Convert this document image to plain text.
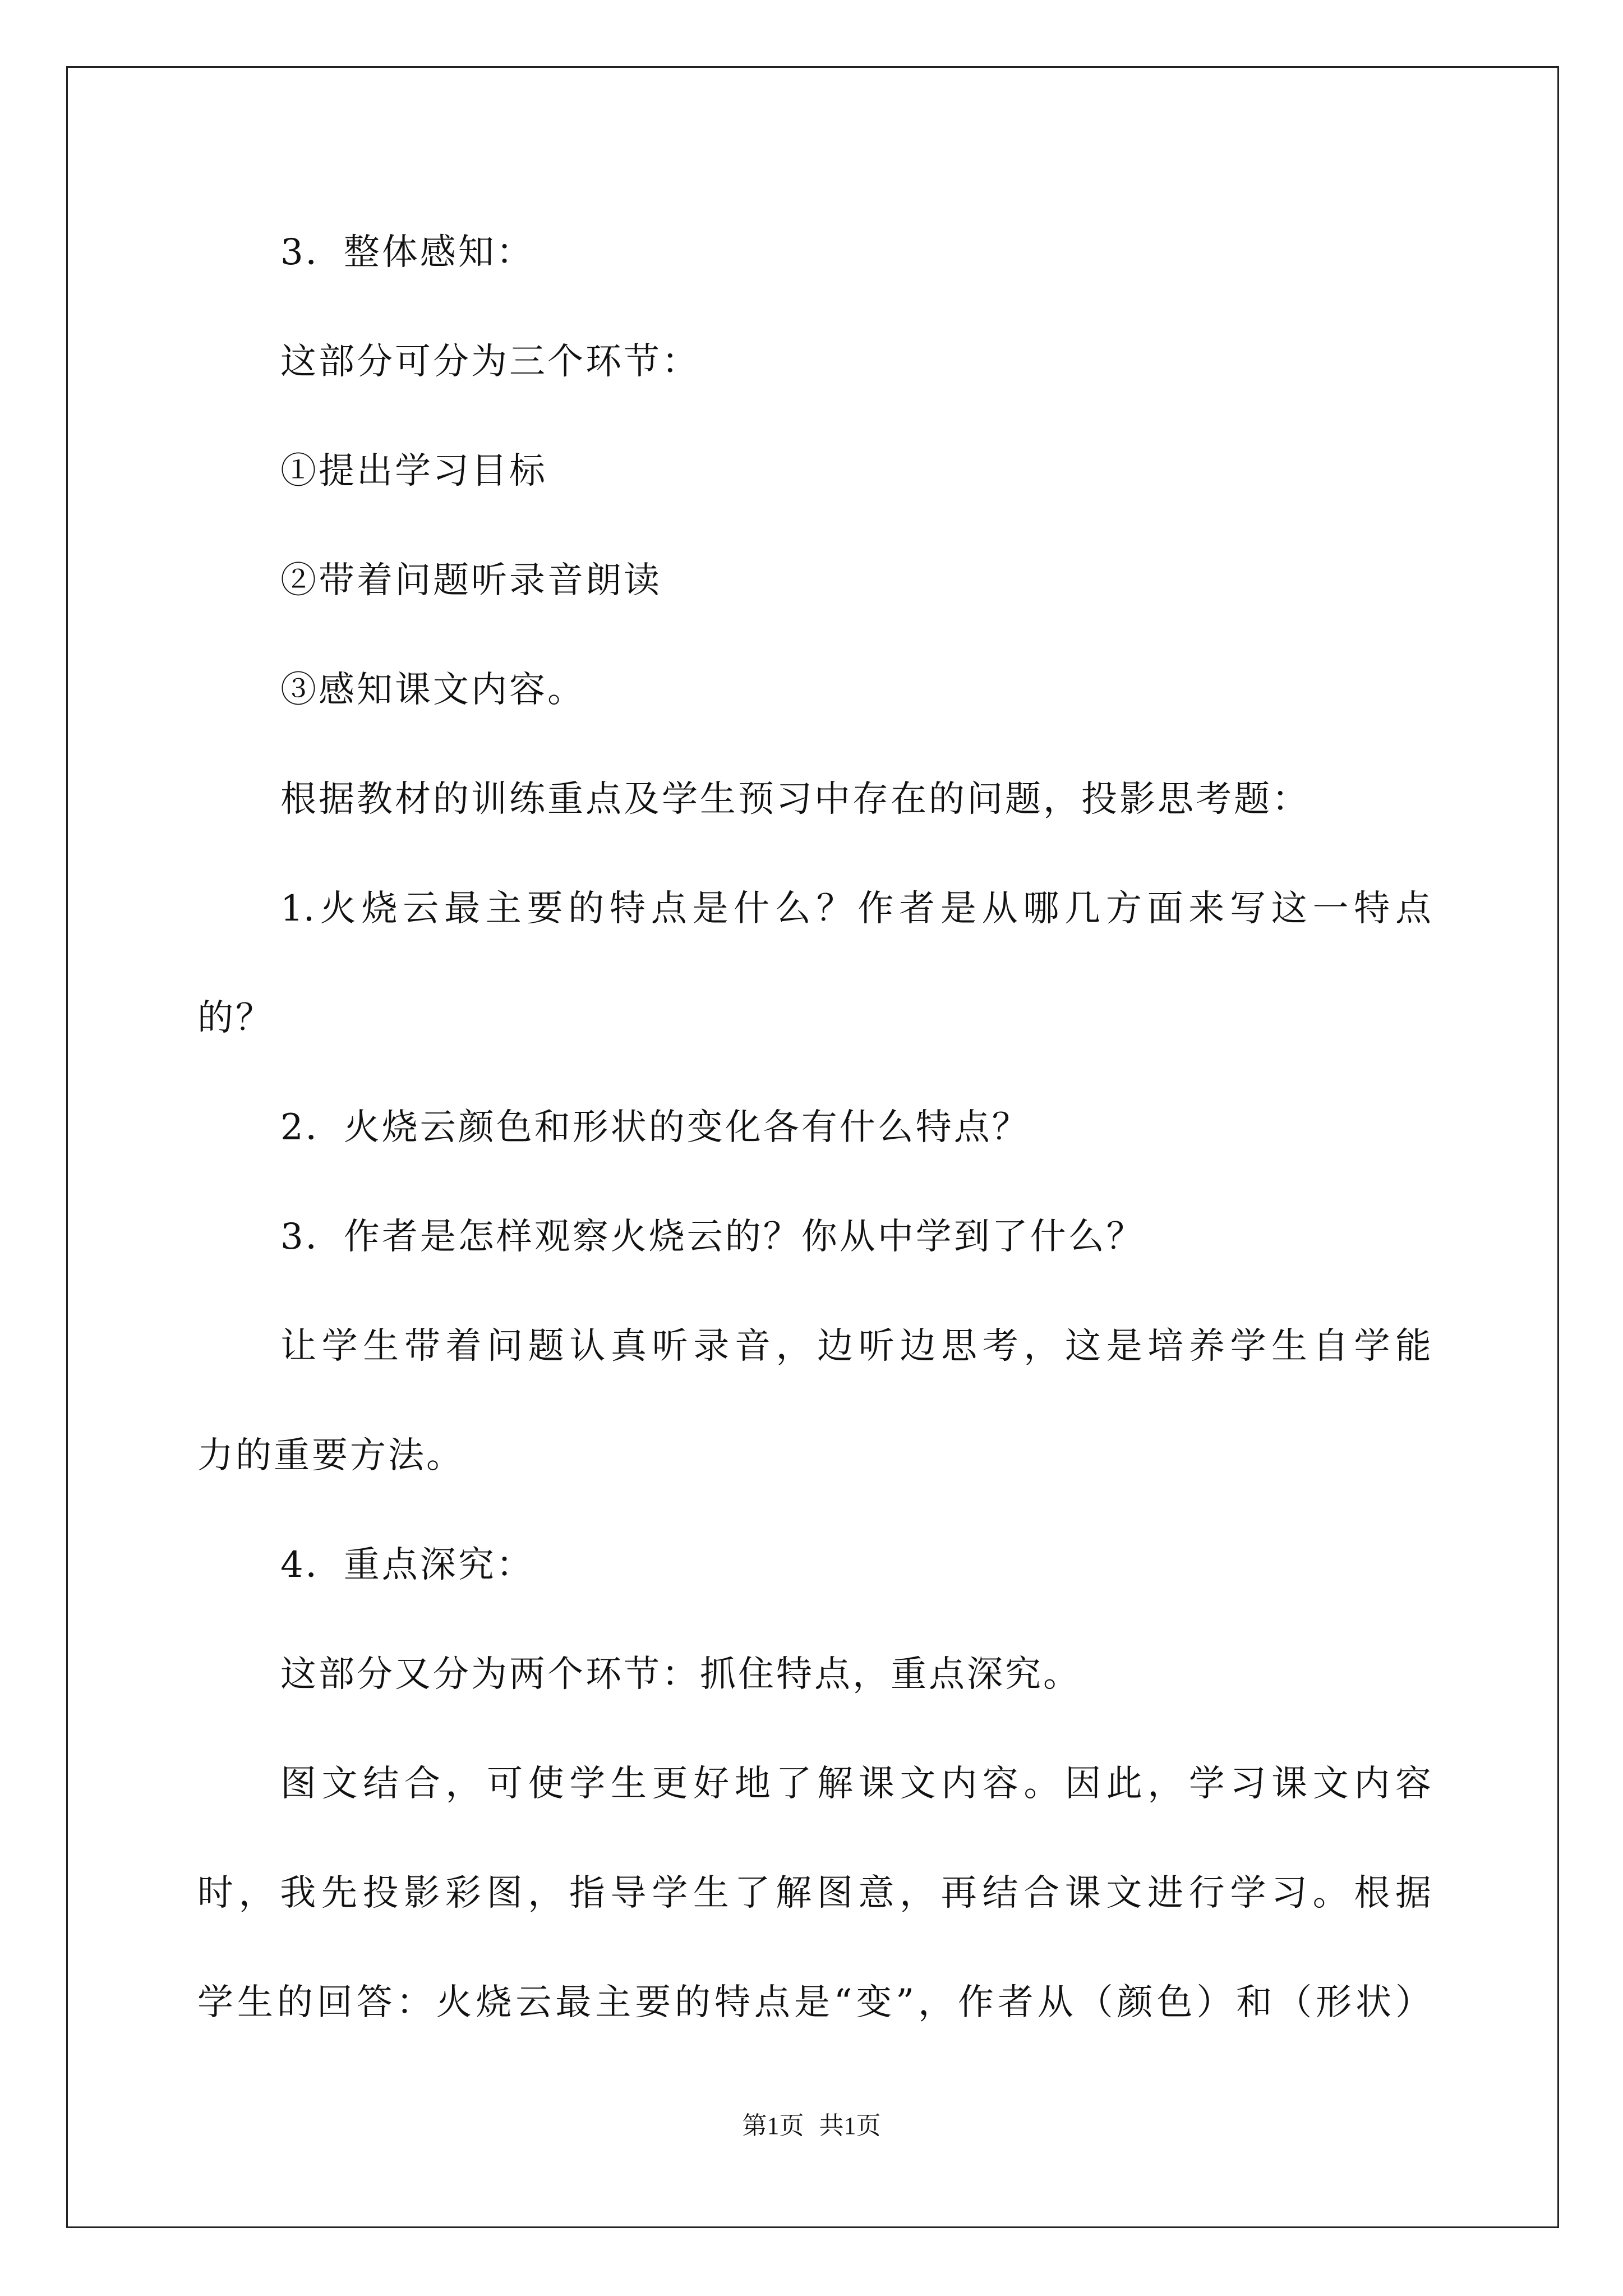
3．整体感知：
这部分可分为三个环节：
①提出学习目标
②带着问题听录音朗读
③感知课文内容。
根据教材的训练重点及学生预习中存在的问题，投影思考题：
1.火烧云最主要的特点是什么？作者是从哪几方面来写这一特点
的？
2．火烧云颜色和形状的变化各有什么特点？
3．作者是怎样观察火烧云的？你从中学到了什么？
让学生带着问题认真听录音，边听边思考，这是培养学生自学能
力的重要方法。
4．重点深究：
这部分又分为两个环节：抓住特点，重点深究。
图文结合，可使学生更好地了解课文内容。因此，学习课文内容
时，我先投影彩图，指导学生了解图意，再结合课文进行学习。根据
学生的回答：火烧云最主要的特点是“变”，作者从（颜色）和（形状）
第1页 共1页
